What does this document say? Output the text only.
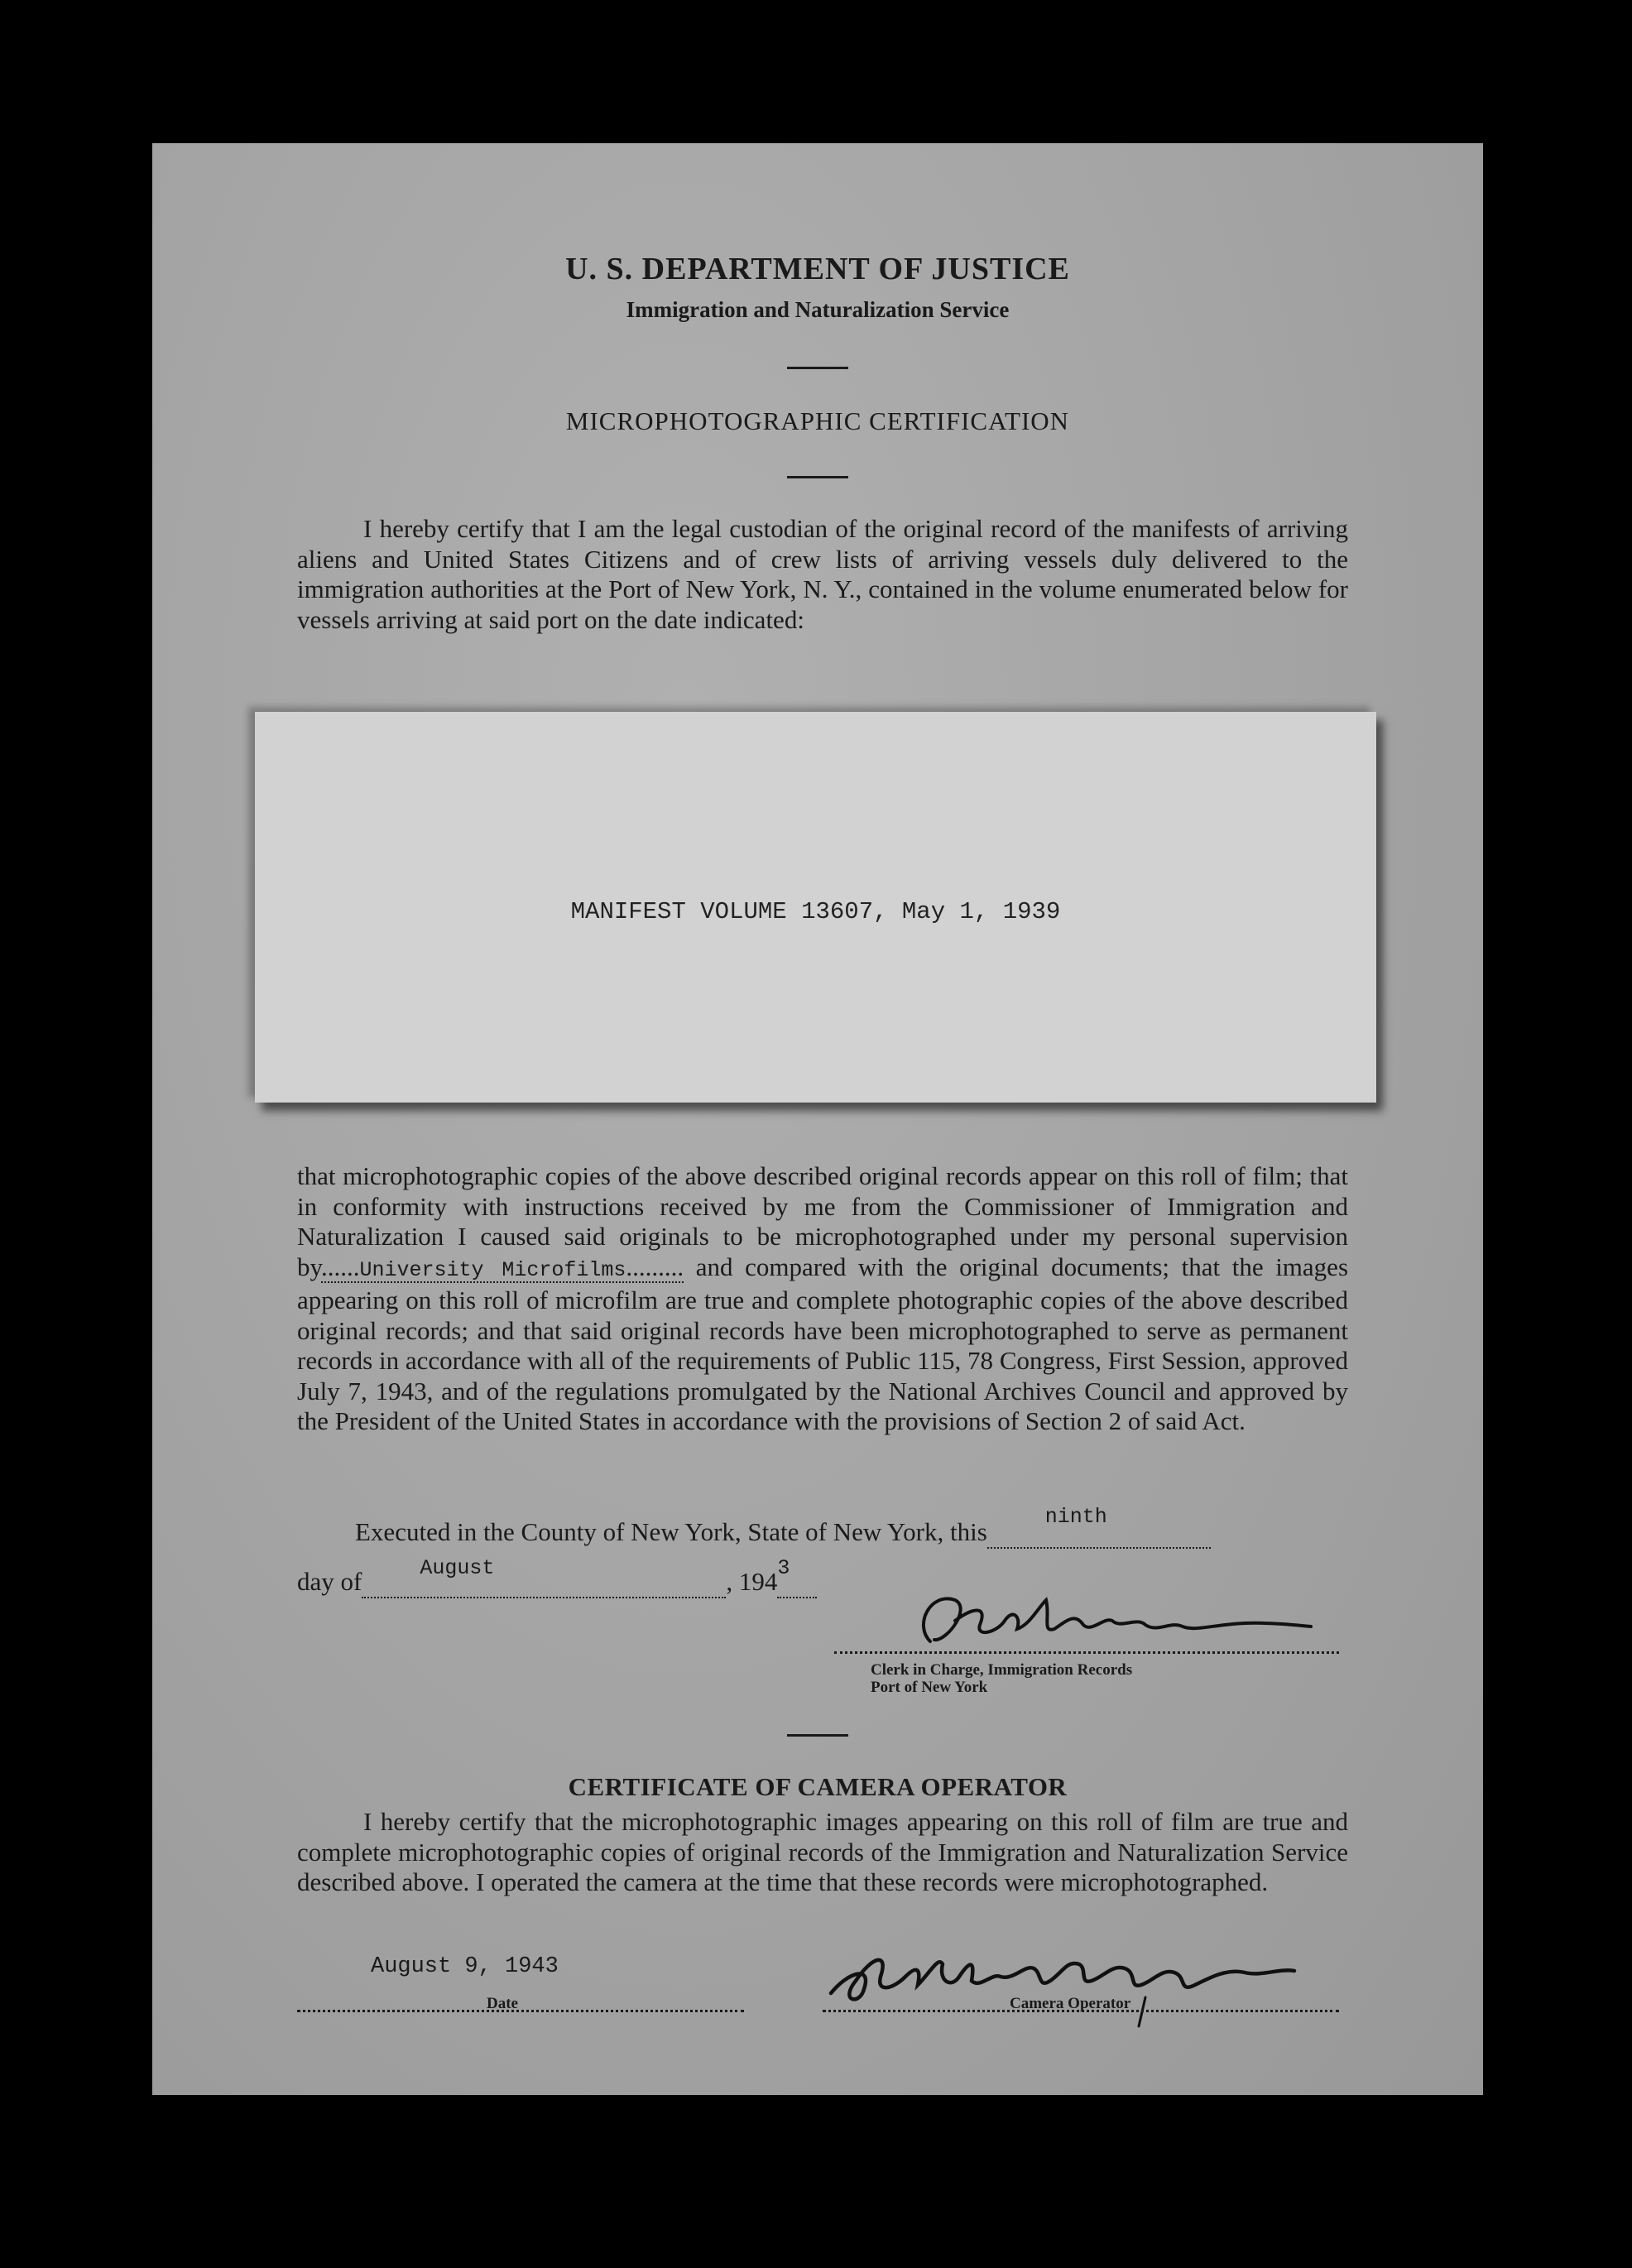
U. S. DEPARTMENT OF JUSTICE
Immigration and Naturalization Service
MICROPHOTOGRAPHIC CERTIFICATION
I hereby certify that I am the legal custodian of the original record of the manifests of arriving aliens and United States Citizens and of crew lists of arriving vessels duly delivered to the immigration authorities at the Port of New York, N. Y., contained in the volume enumerated below for vessels arriving at said port on the date indicated:
MANIFEST VOLUME 13607, May 1, 1939
that microphotographic copies of the above described original records appear on this roll of film; that in conformity with instructions received by me from the Commissioner of Immigration and Naturalization I caused said originals to be microphotographed under my personal supervision by......University Microfilms......... and compared with the original documents; that the images appearing on this roll of microfilm are true and complete photographic copies of the above described original records; and that said original records have been microphotographed to serve as permanent records in accordance with all of the requirements of Public 115, 78 Congress, First Session, approved July 7, 1943, and of the regulations promulgated by the National Archives Council and approved by the President of the United States in accordance with the provisions of Section 2 of said Act.
Executed in the County of New York, State of New York, this
ninth

day of	August	, 194 3

Clerk in Charge, Immigration Records
Port of New York
CERTIFICATE OF CAMERA OPERATOR
I hereby certify that the microphotographic images appearing on this roll of film are true and complete microphotographic copies of original records of the Immigration and Naturalization Service described above. I operated the camera at the time that these records were microphotographed.
August 9, 1943
Date	Camera Operator
